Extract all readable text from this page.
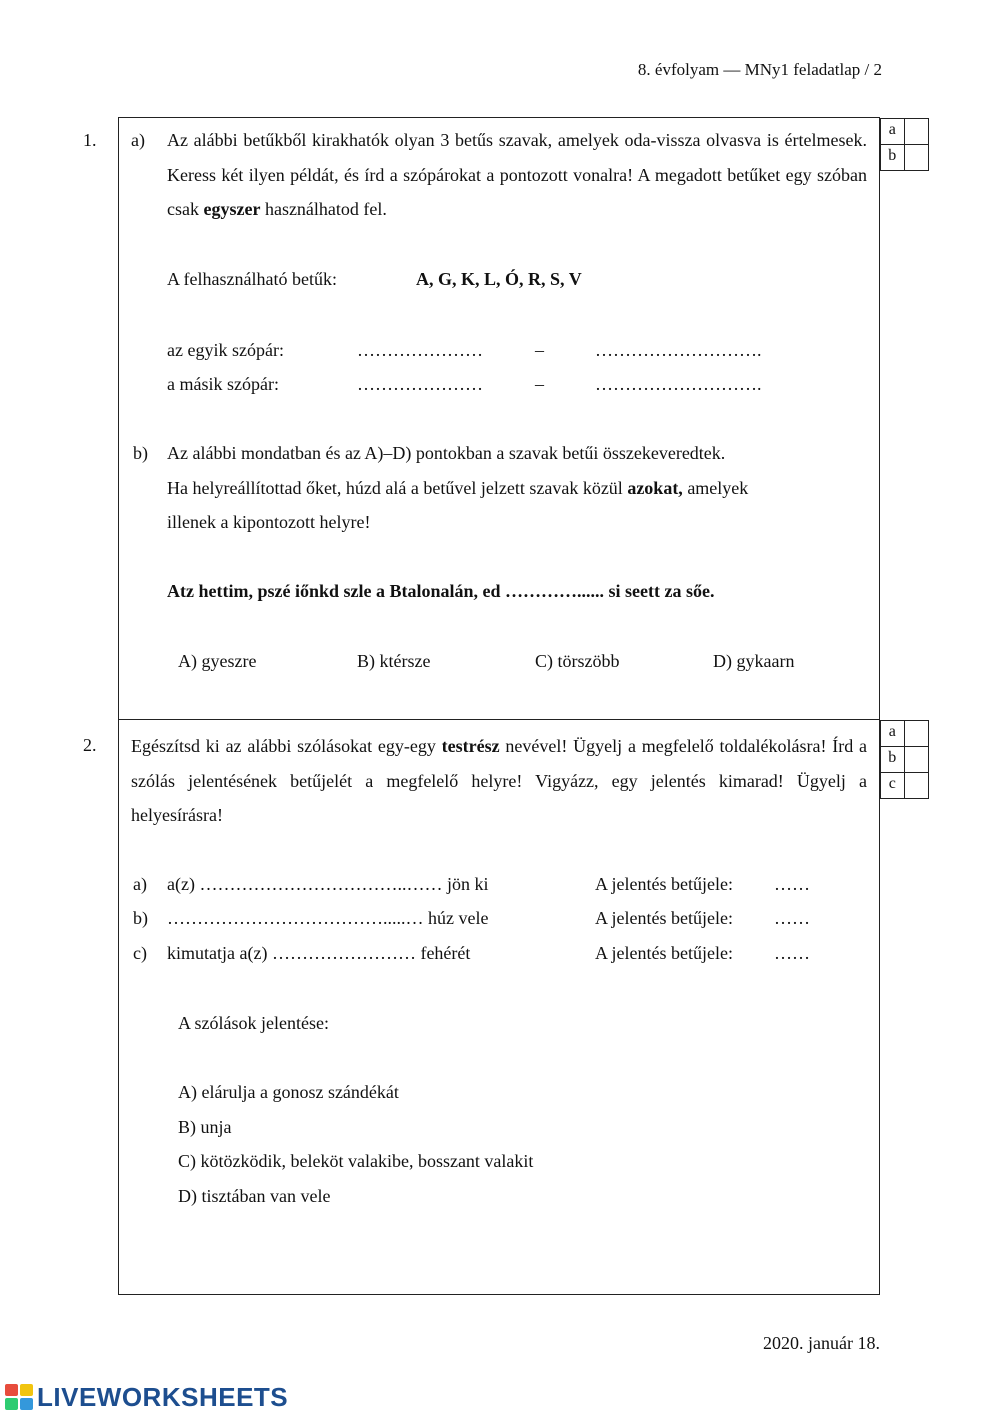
8. évfolyam — MNy1 feladatlap / 2
1.
a	
b	
a) Az alábbi betűkből kirakhatók olyan 3 betűs szavak, amelyek oda-vissza olvasva is értelmesek. Keress két ilyen példát, és írd a szópárokat a pontozott vonalra! A megadott betűket egy szóban csak egyszer használhatod fel.
A felhasználható betűk:	A, G, K, L, Ó, R, S, V
az egyik szópár:	…………………	–	……………………….
a másik szópár:	…………………	–	……………………….
b) Az alábbi mondatban és az A)–D) pontokban a szavak betűi összekeveredtek.
Ha helyreállítottad őket, húzd alá a betűvel jelzett szavak közül azokat, amelyek
illenek a kipontozott helyre!
Atz hettim, pszé iőnkd szle a Btalonalán, ed …………...... si seett za sőe.
A) gyeszre	B) ktérsze	C) törszöbb	D) gykaarn
2.
a	
b	
c	
Egészítsd ki az alábbi szólásokat egy-egy testrész nevével! Ügyelj a megfelelő toldalékolásra! Írd a szólás jelentésének betűjelét a megfelelő helyre! Vigyázz, egy jelentés kimarad! Ügyelj a helyesírásra!
a) a(z) ……………………………..…… jön ki	A jelentés betűjele: ……
b) ……………………………….....… húz vele	A jelentés betűjele: ……
c) kimutatja a(z) …………………… fehérét	A jelentés betűjele: ……
A szólások jelentése:
A) elárulja a gonosz szándékát
B) unja
C) kötözködik, beleköt valakibe, bosszant valakit
D) tisztában van vele
2020. január 18.
LIVEWORKSHEETS
